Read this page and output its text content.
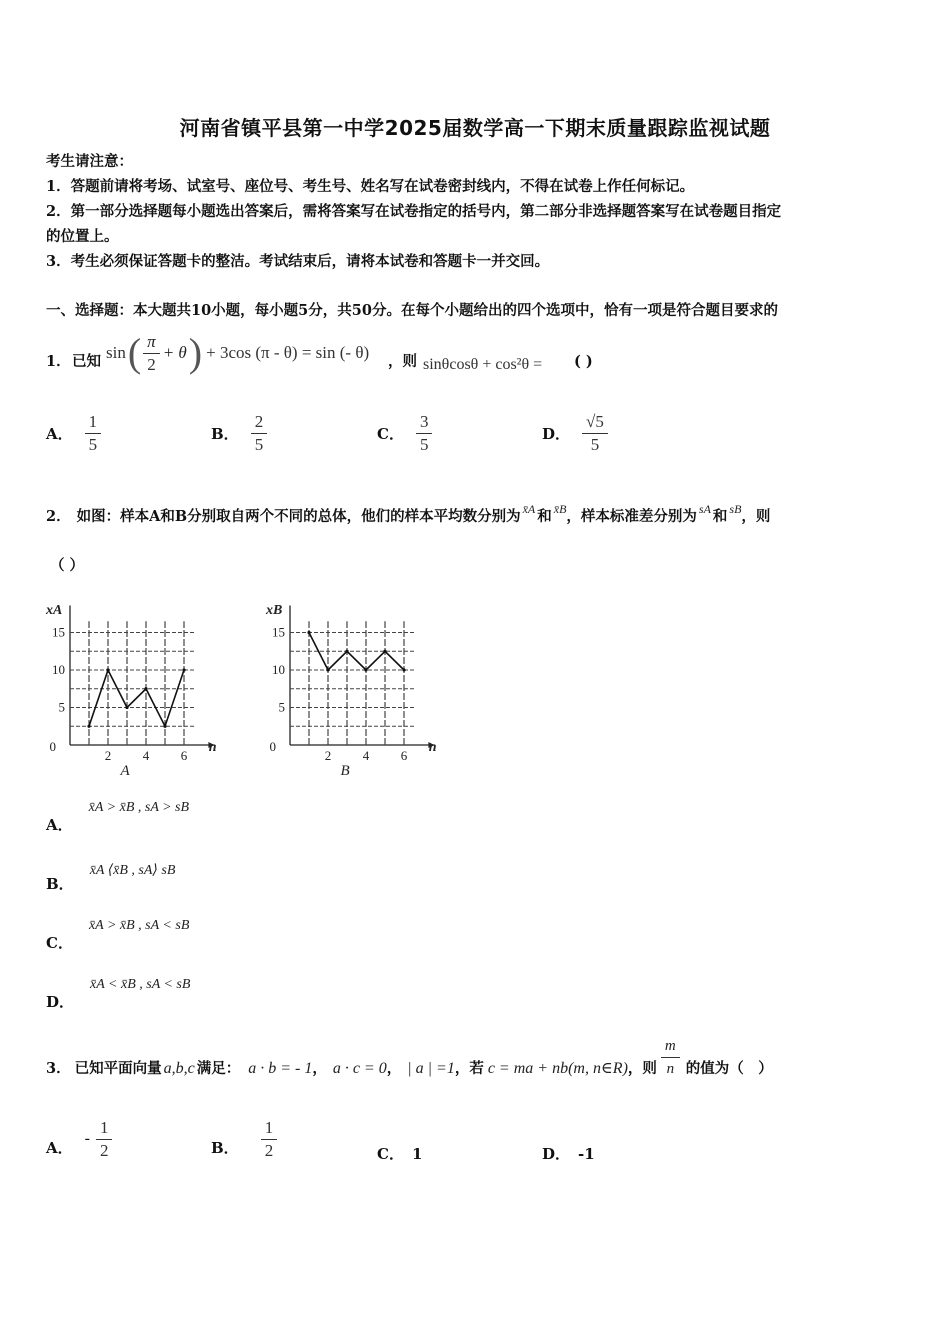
河南省镇平县第一中学2025届数学高一下期末质量跟踪监视试题
考生请注意：
1．答题前请将考场、试室号、座位号、考生号、姓名写在试卷密封线内，不得在试卷上作任何标记。
2．第一部分选择题每小题选出答案后，需将答案写在试卷指定的括号内，第二部分非选择题答案写在试卷题目指定
的位置上。
3．考生必须保证答题卡的整洁。考试结束后，请将本试卷和答题卡一并交回。
一、选择题：本大题共10小题，每小题5分，共50分。在每个小题给出的四个选项中，恰有一项是符合题目要求的
1． 已知 sin ( $\frac{\pi}{2} + \theta$ ) + 3cos (π - θ) = sin (- θ) ，则 sinθcosθ + cos²θ = ( )
A． $\frac{1}{5}$	B． $\frac{2}{5}$	C． $\frac{3}{5}$	D． $\frac{√5}{5}$
2． 如图：样本A和B分别取自两个不同的总体，他们的样本平均数分别为 x̄A 和 x̄B ，样本标准差分别为 sA 和 sB ，则
（ ）
0
5
10
15
2 4 6
xA
n
A
0
5
10
15
2 4 6
xB
n
B
A．
x̄A > x̄B , sA > sB
B．
x̄A ⟨x̄B , sA⟩ sB
C．
x̄A > x̄B , sA < sB
D．
x̄A < x̄B , sA < sB
3． 已知平面向量 a,b,c 满足： a · b = - 1 ， a · c = 0 ， | a | =1 ，若 c = ma + nb(m, n∈R) ，则 $\frac{m}{n}$ 的值为（　）
A．
- $\frac{1}{2}$	B． $\frac{1}{2}$	C． 1	D． -1
